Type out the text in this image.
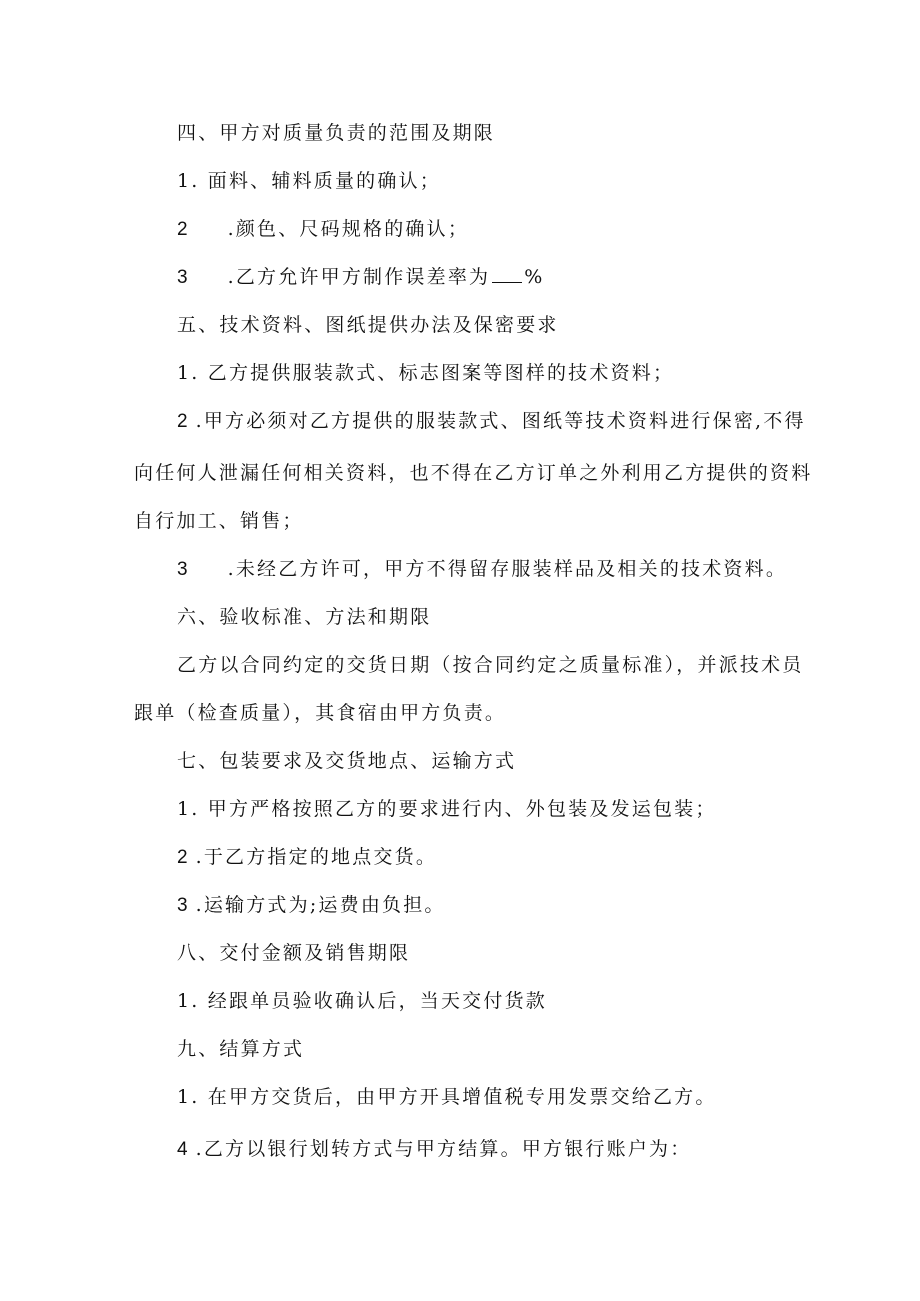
四、甲方对质量负责的范围及期限
1. 面料、辅料质量的确认；
2 .颜色、尺码规格的确认；
3 .乙方允许甲方制作误差率为 %
五、技术资料、图纸提供办法及保密要求
1. 乙方提供服装款式、标志图案等图样的技术资料；
2 .甲方必须对乙方提供的服装款式、图纸等技术资料进行保密,不得
向任何人泄漏任何相关资料，也不得在乙方订单之外利用乙方提供的资料
自行加工、销售；
3 .未经乙方许可，甲方不得留存服装样品及相关的技术资料。
六、验收标准、方法和期限
乙方以合同约定的交货日期（按合同约定之质量标准），并派技术员
跟单（检查质量），其食宿由甲方负责。
七、包装要求及交货地点、运输方式
1. 甲方严格按照乙方的要求进行内、外包装及发运包装；
2 .于乙方指定的地点交货。
3 .运输方式为;运费由负担。
八、交付金额及销售期限
1. 经跟单员验收确认后，当天交付货款
九、结算方式
1. 在甲方交货后，由甲方开具增值税专用发票交给乙方。
4 .乙方以银行划转方式与甲方结算。甲方银行账户为：
